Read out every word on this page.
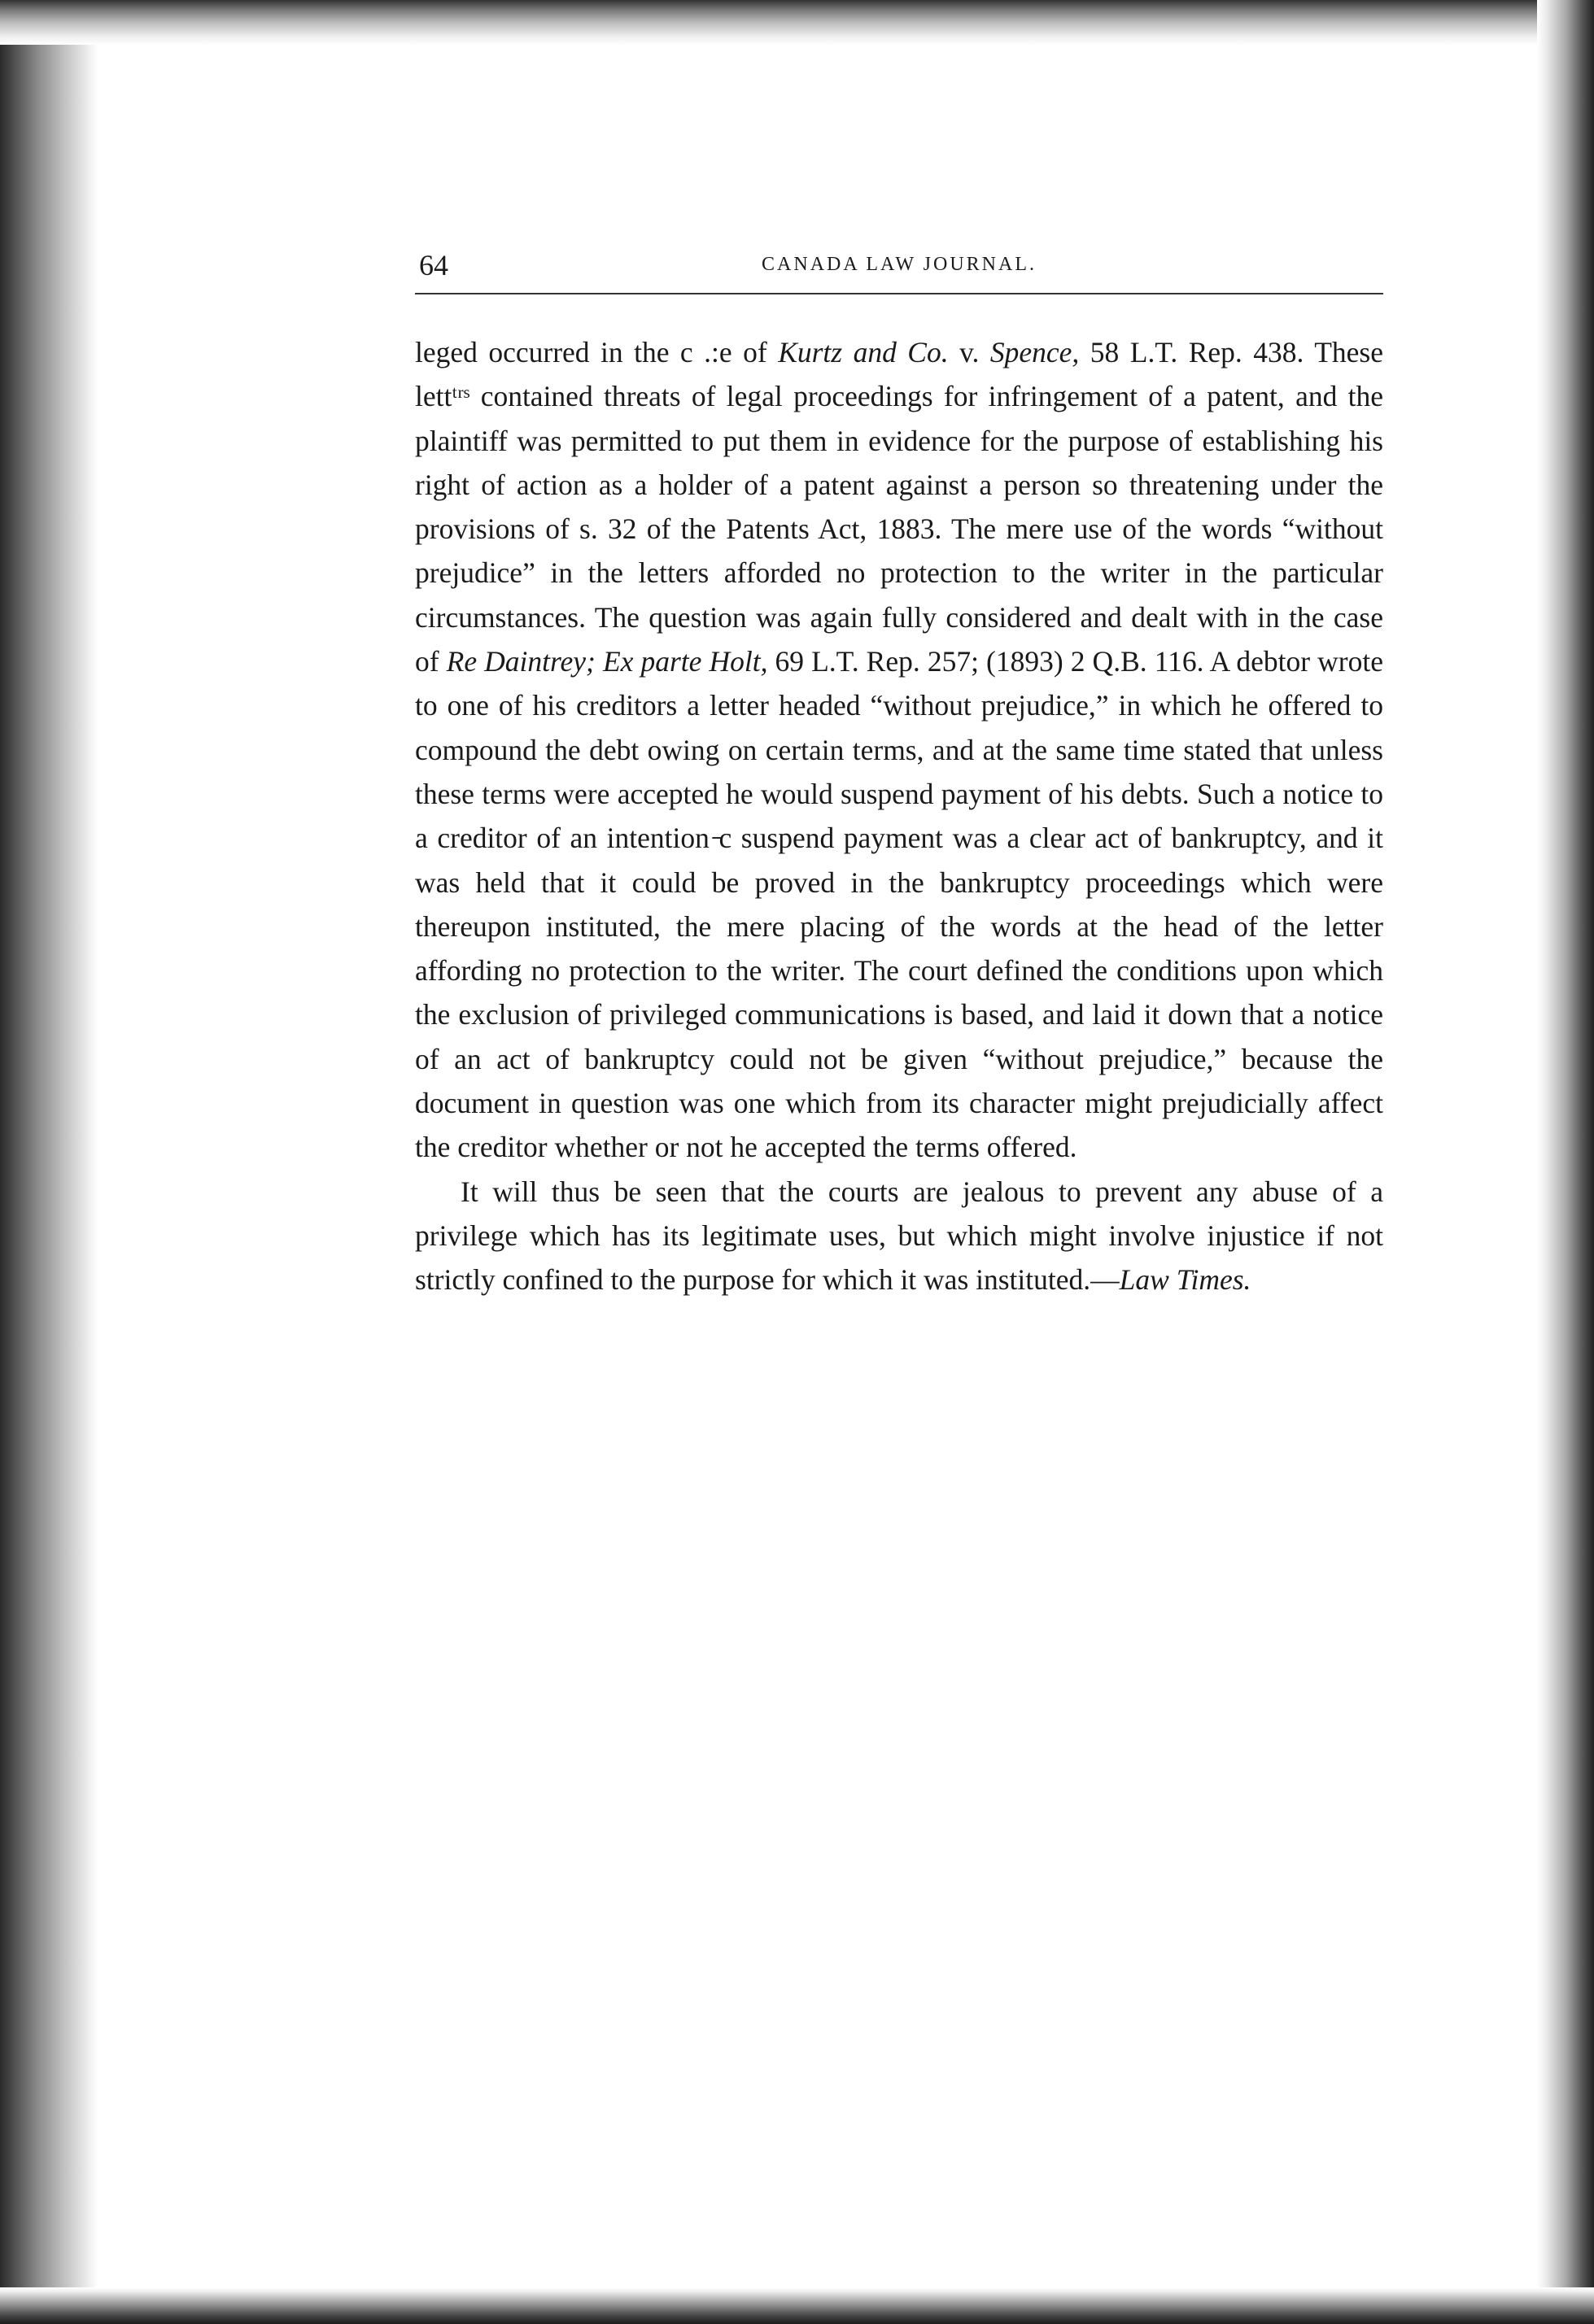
64	CANADA LAW JOURNAL.

leged occurred in the c .:e of Kurtz and Co. v. Spence, 58 L.T. Rep. 438. These lettᵗʳˢ contained threats of legal proceedings for infringement of a patent, and the plaintiff was permitted to put them in evidence for the purpose of establishing his right of action as a holder of a patent against a person so threatening under the provisions of s. 32 of the Patents Act, 1883. The mere use of the words “without prejudice” in the letters afforded no protection to the writer in the particular circumstances. The question was again fully considered and dealt with in the case of Re Daintrey; Ex parte Holt, 69 L.T. Rep. 257; (1893) 2 Q.B. 116. A debtor wrote to one of his creditors a letter headed “without prejudice,” in which he offered to compound the debt owing on certain terms, and at the same time stated that unless these terms were accepted he would suspend payment of his debts. Such a notice to a creditor of an intention ̵c suspend payment was a clear act of bankruptcy, and it was held that it could be proved in the bankruptcy proceedings which were thereupon instituted, the mere placing of the words at the head of the letter affording no protection to the writer. The court defined the conditions upon which the exclusion of privileged communications is based, and laid it down that a notice of an act of bankruptcy could not be given “without prejudice,” because the document in question was one which from its character might prejudicially affect the creditor whether or not he accepted the terms offered.

It will thus be seen that the courts are jealous to prevent any abuse of a privilege which has its legitimate uses, but which might involve injustice if not strictly confined to the purpose for which it was instituted.—Law Times.
